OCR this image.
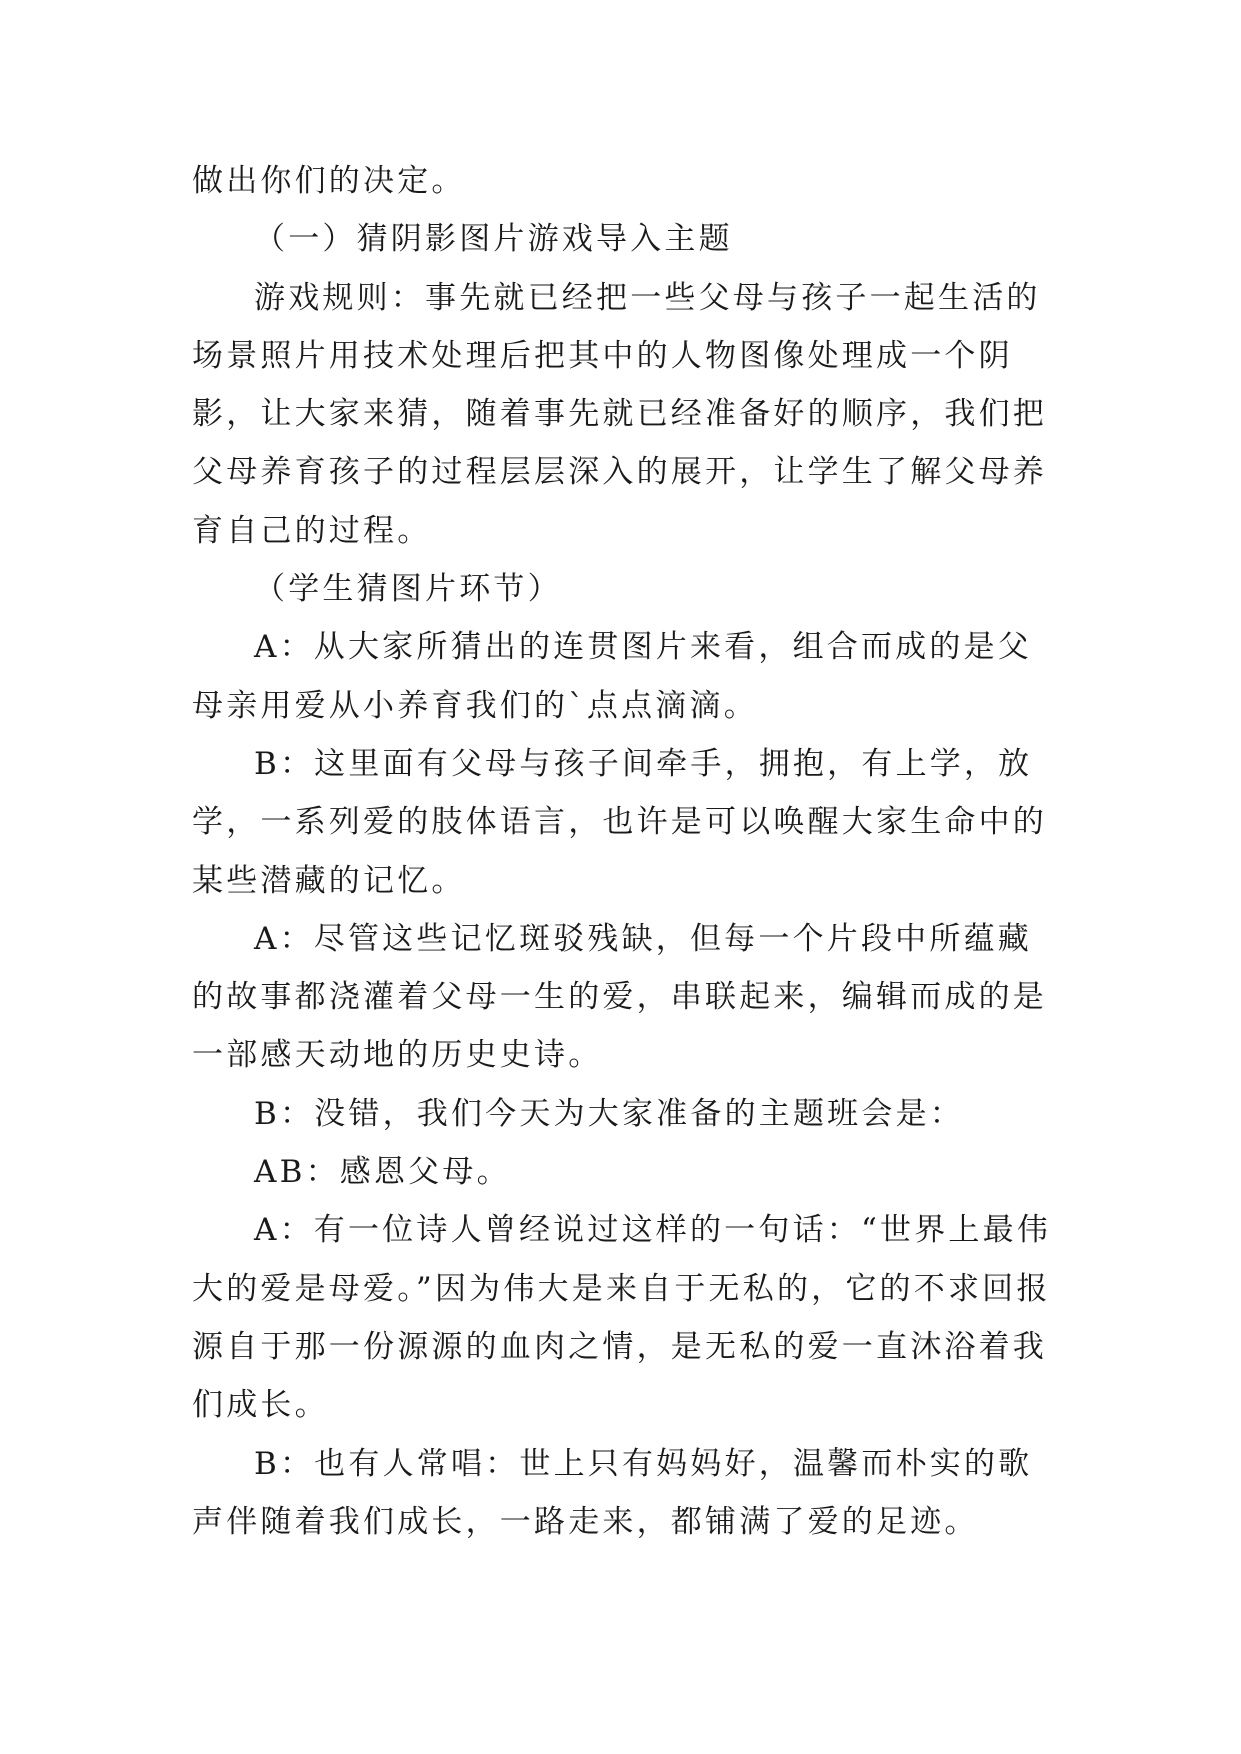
做出你们的决定。

（一）猜阴影图片游戏导入主题

游戏规则：事先就已经把一些父母与孩子一起生活的场景照片用技术处理后把其中的人物图像处理成一个阴影，让大家来猜，随着事先就已经准备好的顺序，我们把父母养育孩子的过程层层深入的展开，让学生了解父母养育自己的过程。

（学生猜图片环节）

A：从大家所猜出的连贯图片来看，组合而成的是父母亲用爱从小养育我们的`点点滴滴。

B：这里面有父母与孩子间牵手，拥抱，有上学，放学，一系列爱的肢体语言，也许是可以唤醒大家生命中的某些潜藏的记忆。

A：尽管这些记忆斑驳残缺，但每一个片段中所蕴藏的故事都浇灌着父母一生的爱，串联起来，编辑而成的是一部感天动地的历史史诗。

B：没错，我们今天为大家准备的主题班会是：

AB：感恩父母。

A：有一位诗人曾经说过这样的一句话：“世界上最伟大的爱是母爱。”因为伟大是来自于无私的，它的不求回报源自于那一份源源的血肉之情，是无私的爱一直沐浴着我们成长。

B：也有人常唱：世上只有妈妈好，温馨而朴实的歌声伴随着我们成长，一路走来，都铺满了爱的足迹。
